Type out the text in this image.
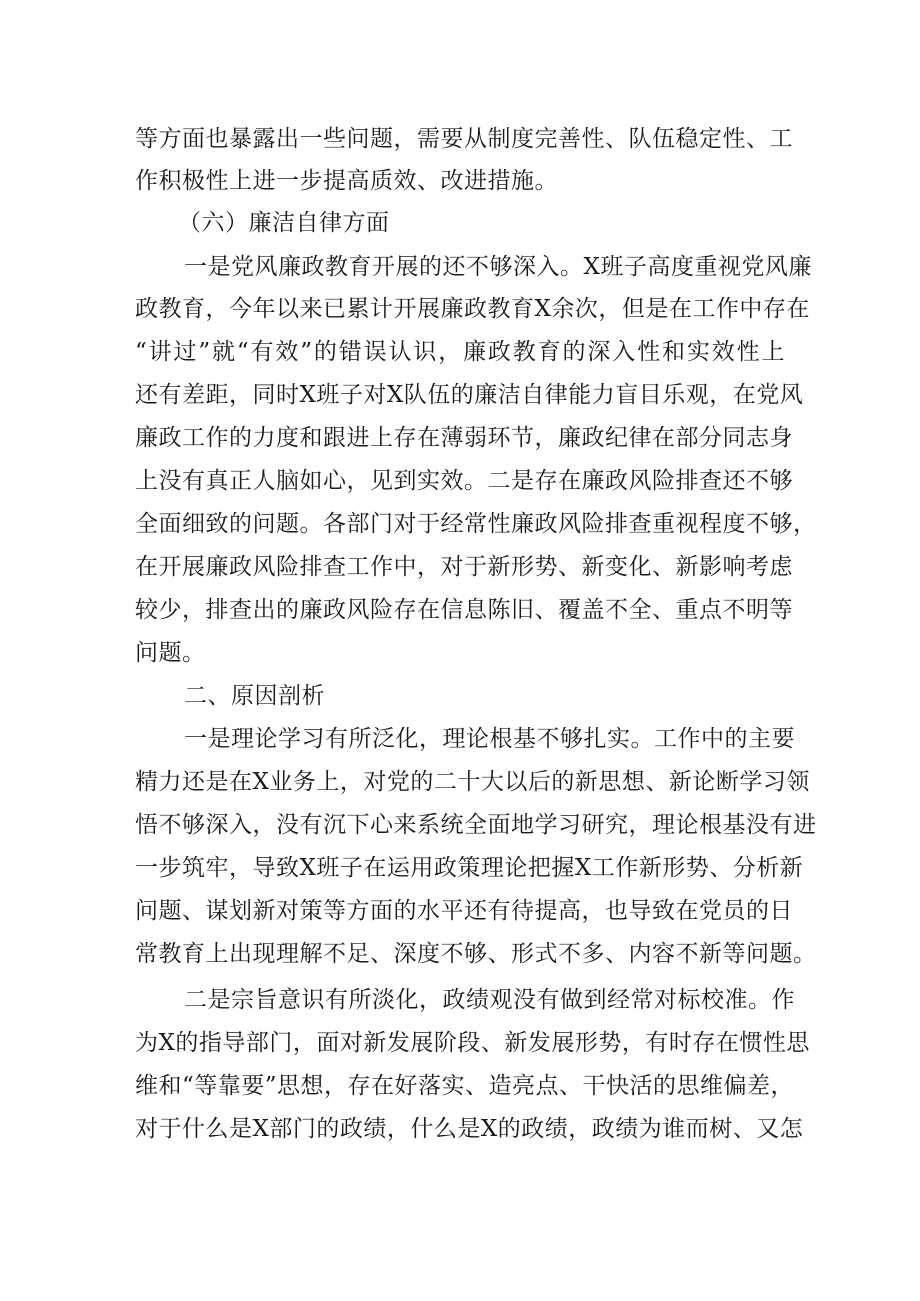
等方面也暴露出一些问题，需要从制度完善性、队伍稳定性、工
作积极性上进一步提高质效、改进措施。
（六）廉洁自律方面
一是党风廉政教育开展的还不够深入。X班子高度重视党风廉
政教育，今年以来已累计开展廉政教育X余次，但是在工作中存在
“讲过”就“有效”的错误认识，廉政教育的深入性和实效性上
还有差距，同时X班子对X队伍的廉洁自律能力盲目乐观，在党风
廉政工作的力度和跟进上存在薄弱环节，廉政纪律在部分同志身
上没有真正人脑如心，见到实效。二是存在廉政风险排查还不够
全面细致的问题。各部门对于经常性廉政风险排查重视程度不够，
在开展廉政风险排查工作中，对于新形势、新变化、新影响考虑
较少，排查出的廉政风险存在信息陈旧、覆盖不全、重点不明等
问题。
二、原因剖析
一是理论学习有所泛化，理论根基不够扎实。工作中的主要
精力还是在X业务上，对党的二十大以后的新思想、新论断学习领
悟不够深入，没有沉下心来系统全面地学习研究，理论根基没有进
一步筑牢，导致X班子在运用政策理论把握X工作新形势、分析新
问题、谋划新对策等方面的水平还有待提高，也导致在党员的日
常教育上出现理解不足、深度不够、形式不多、内容不新等问题。
二是宗旨意识有所淡化，政绩观没有做到经常对标校准。作
为X的指导部门，面对新发展阶段、新发展形势，有时存在惯性思
维和“等靠要”思想，存在好落实、造亮点、干快活的思维偏差，
对于什么是X部门的政绩，什么是X的政绩，政绩为谁而树、又怎
